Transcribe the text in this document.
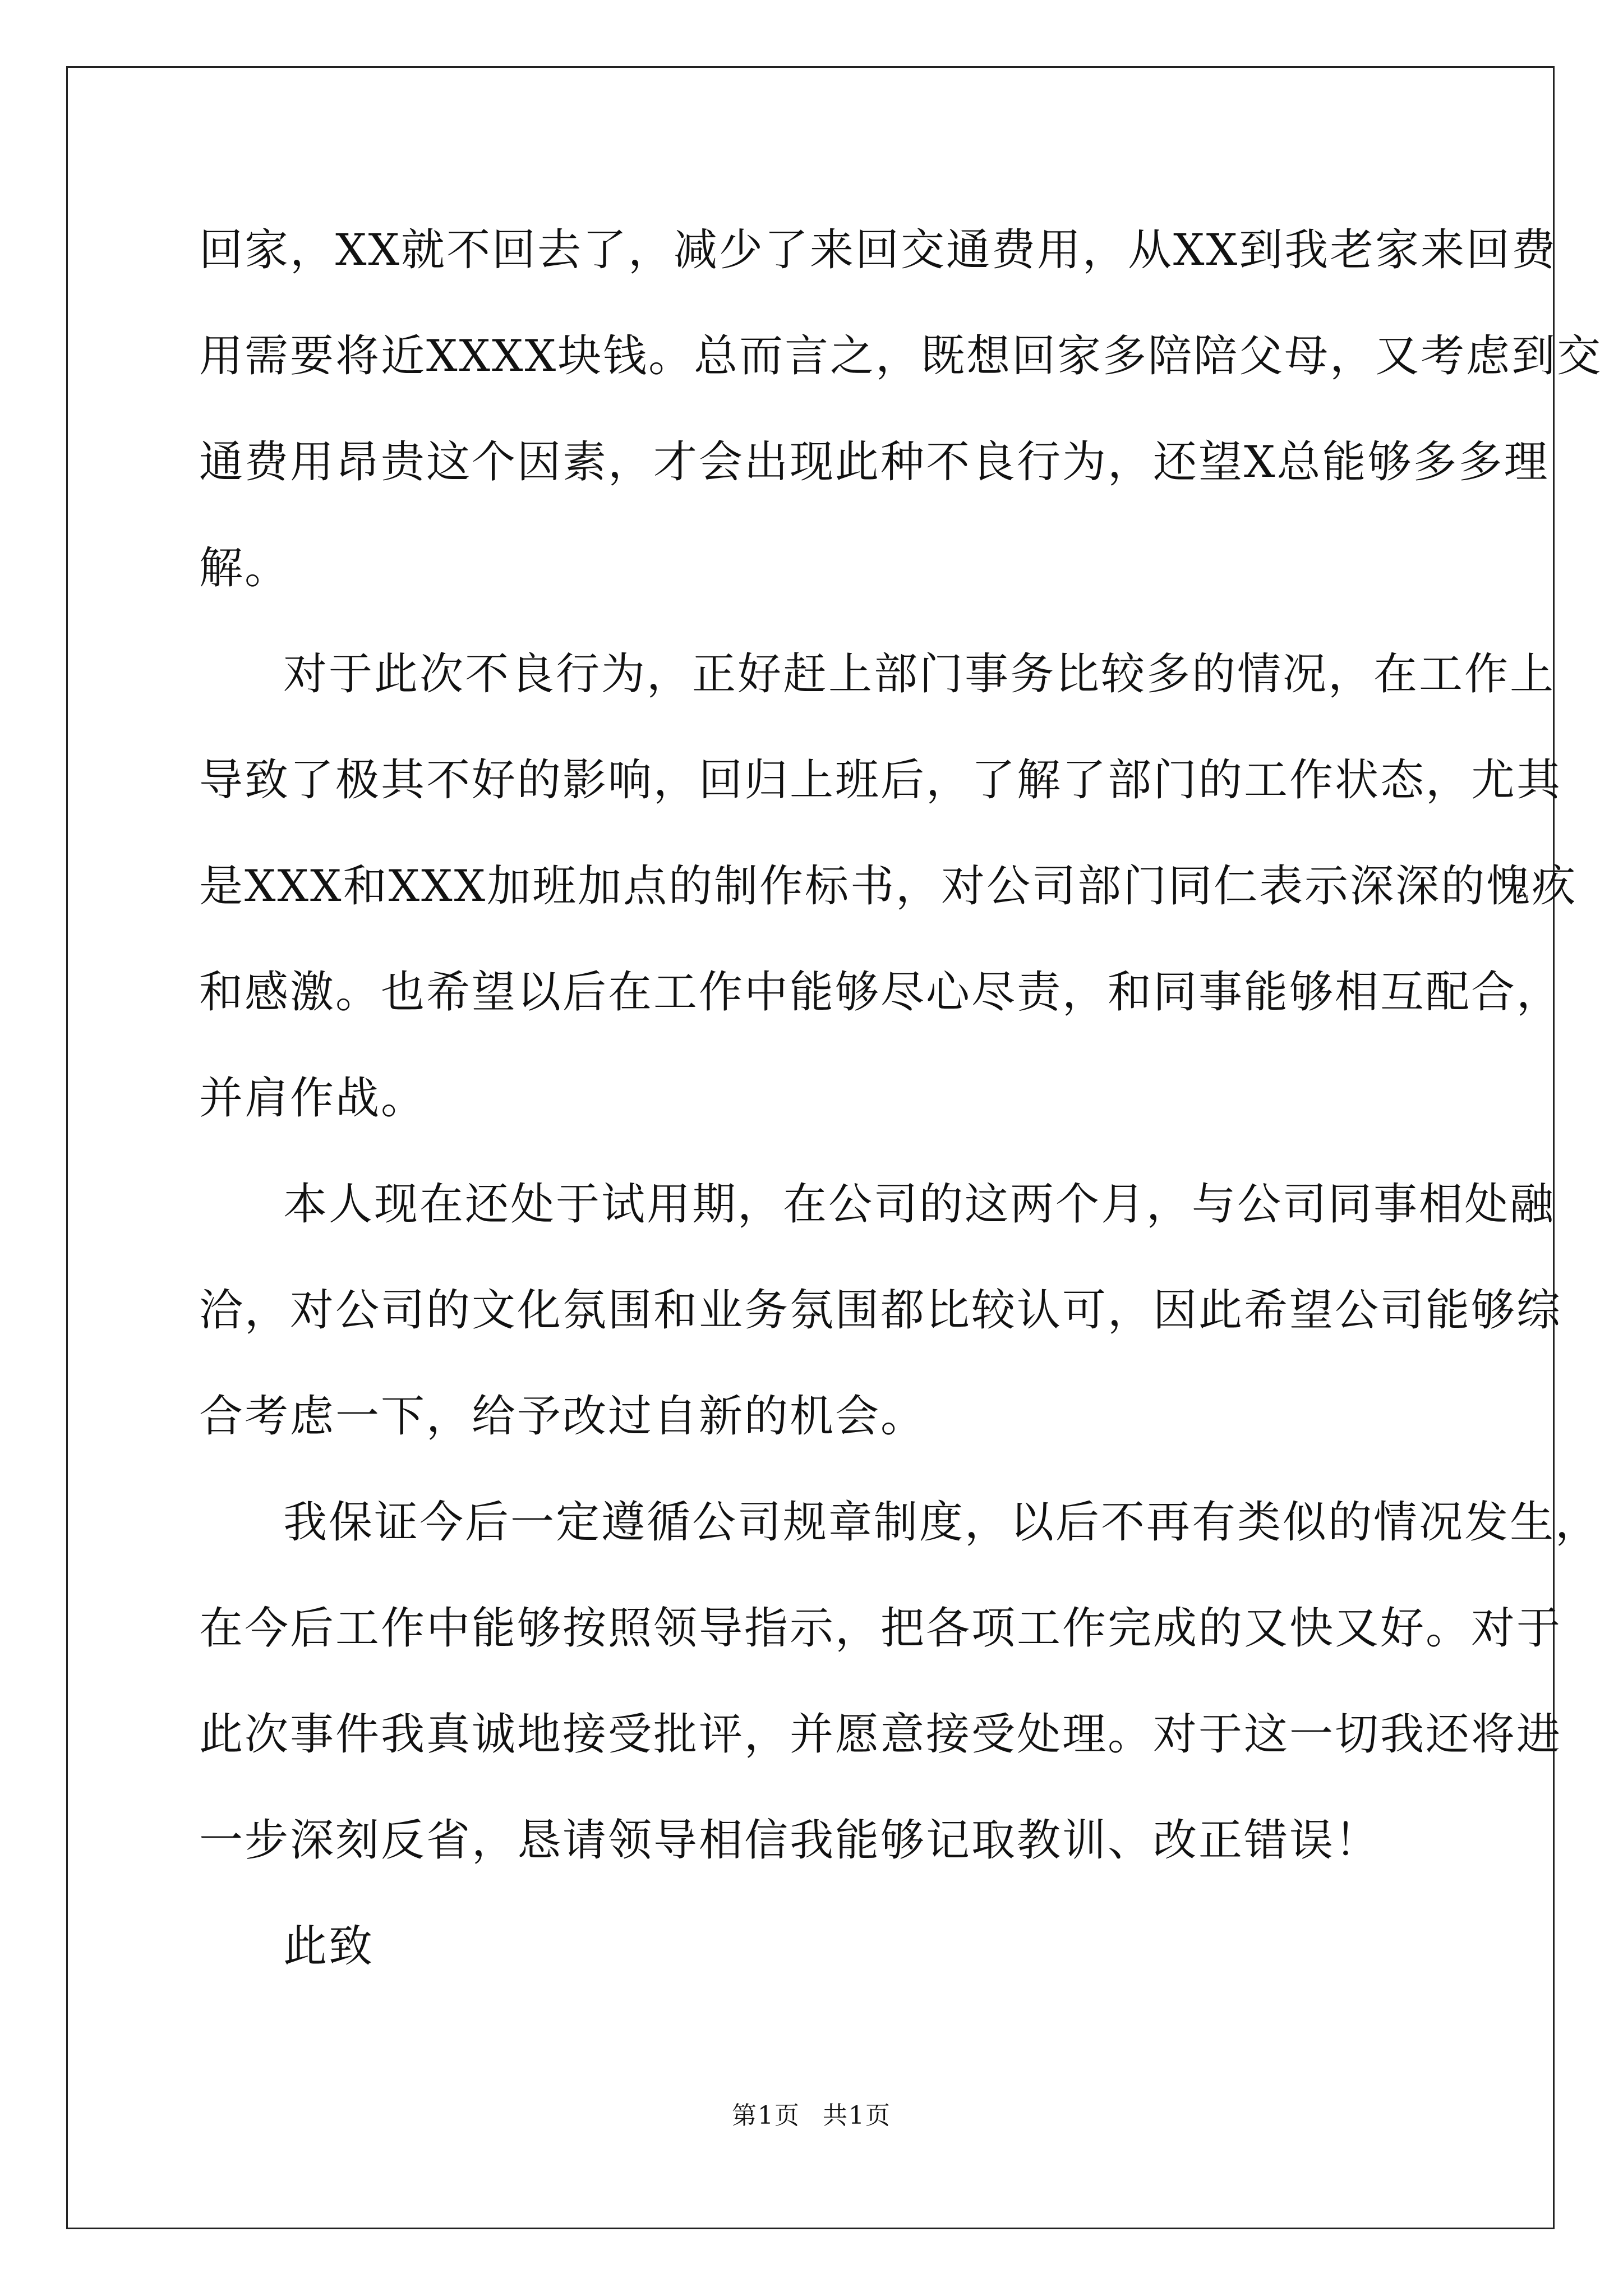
回家，XX就不回去了，减少了来回交通费用，从XX到我老家来回费
用需要将近XXXX块钱。总而言之，既想回家多陪陪父母，又考虑到交
通费用昂贵这个因素，才会出现此种不良行为，还望X总能够多多理
解。
对于此次不良行为，正好赶上部门事务比较多的情况，在工作上
导致了极其不好的影响，回归上班后，了解了部门的工作状态，尤其
是XXX和XXX加班加点的制作标书，对公司部门同仁表示深深的愧疚
和感激。也希望以后在工作中能够尽心尽责，和同事能够相互配合，
并肩作战。
本人现在还处于试用期，在公司的这两个月，与公司同事相处融
洽，对公司的文化氛围和业务氛围都比较认可，因此希望公司能够综
合考虑一下，给予改过自新的机会。
我保证今后一定遵循公司规章制度，以后不再有类似的情况发生，
在今后工作中能够按照领导指示，把各项工作完成的又快又好。对于
此次事件我真诚地接受批评，并愿意接受处理。对于这一切我还将进
一步深刻反省，恳请领导相信我能够记取教训、改正错误！
此致
第1页 共1页
